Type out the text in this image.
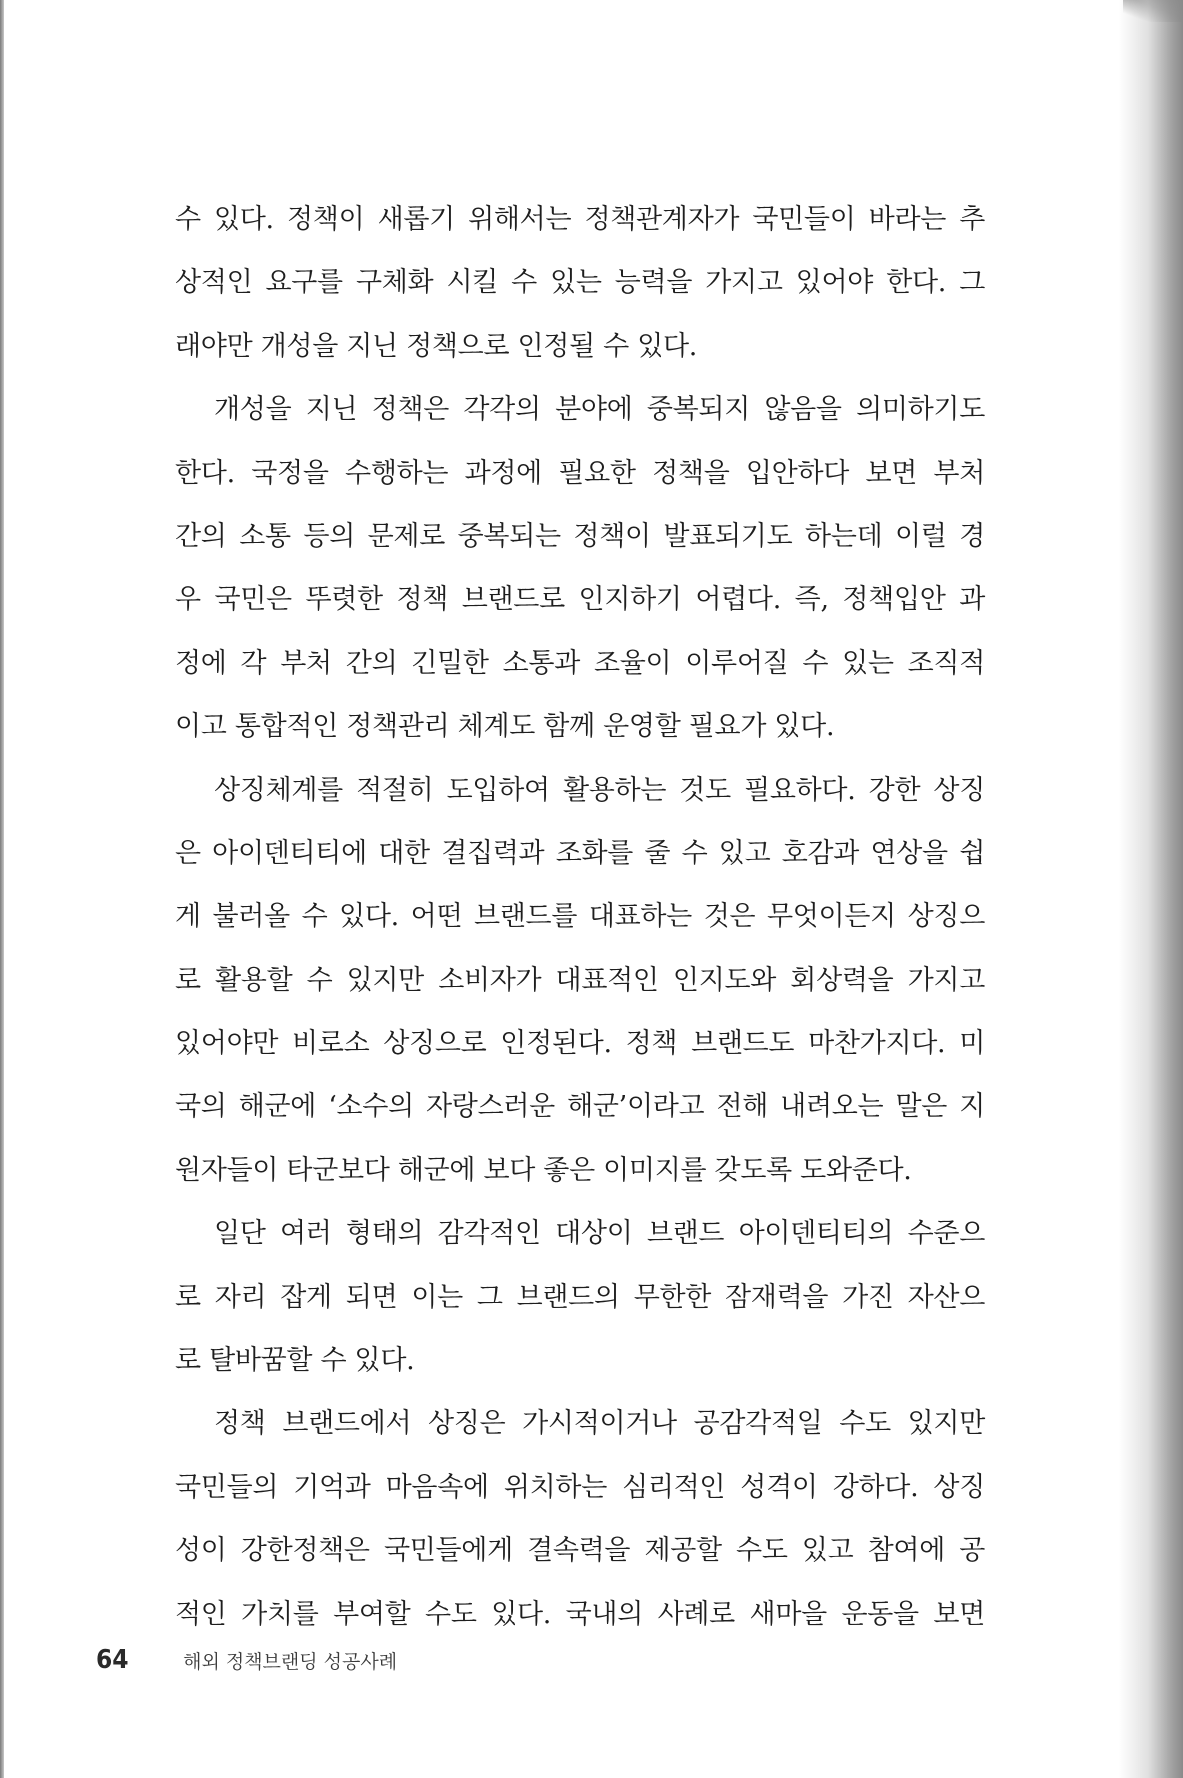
수 있다. 정책이 새롭기 위해서는 정책관계자가 국민들이 바라는 추
상적인 요구를 구체화 시킬 수 있는 능력을 가지고 있어야 한다. 그
래야만 개성을 지닌 정책으로 인정될 수 있다.
개성을 지닌 정책은 각각의 분야에 중복되지 않음을 의미하기도
한다. 국정을 수행하는 과정에 필요한 정책을 입안하다 보면 부처
간의 소통 등의 문제로 중복되는 정책이 발표되기도 하는데 이럴 경
우 국민은 뚜렷한 정책 브랜드로 인지하기 어렵다. 즉, 정책입안 과
정에 각 부처 간의 긴밀한 소통과 조율이 이루어질 수 있는 조직적
이고 통합적인 정책관리 체계도 함께 운영할 필요가 있다.
상징체계를 적절히 도입하여 활용하는 것도 필요하다. 강한 상징
은 아이덴티티에 대한 결집력과 조화를 줄 수 있고 호감과 연상을 쉽
게 불러올 수 있다. 어떤 브랜드를 대표하는 것은 무엇이든지 상징으
로 활용할 수 있지만 소비자가 대표적인 인지도와 회상력을 가지고
있어야만 비로소 상징으로 인정된다. 정책 브랜드도 마찬가지다. 미
국의 해군에 ‘소수의 자랑스러운 해군’이라고 전해 내려오는 말은 지
원자들이 타군보다 해군에 보다 좋은 이미지를 갖도록 도와준다.
일단 여러 형태의 감각적인 대상이 브랜드 아이덴티티의 수준으
로 자리 잡게 되면 이는 그 브랜드의 무한한 잠재력을 가진 자산으
로 탈바꿈할 수 있다.
정책 브랜드에서 상징은 가시적이거나 공감각적일 수도 있지만
국민들의 기억과 마음속에 위치하는 심리적인 성격이 강하다. 상징
성이 강한정책은 국민들에게 결속력을 제공할 수도 있고 참여에 공
적인 가치를 부여할 수도 있다. 국내의 사례로 새마을 운동을 보면
64	해외 정책브랜딩 성공사례
